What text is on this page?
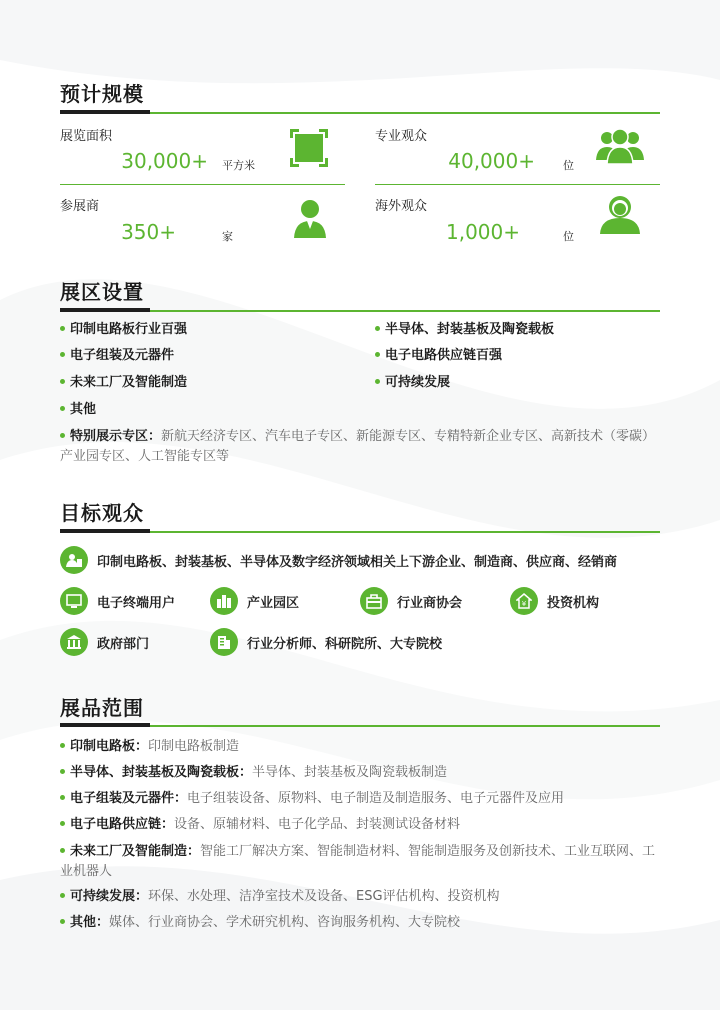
预计规模
展览面积
30,000+ 平方米
专业观众
40,000+	位
参展商
350+	家
海外观众
1,000+	位
展区设置
印制电路板行业百强	半导体、封装基板及陶瓷载板
电子组装及元器件	电子电路供应链百强
未来工厂及智能制造	可持续发展
其他
特别展示专区：新航天经济专区、汽车电子专区、新能源专区、专精特新企业专区、高新技术（零碳）产业园专区、人工智能专区等
目标观众
印制电路板、封装基板、半导体及数字经济领域相关上下游企业、制造商、供应商、经销商
电子终端用户	产业园区	行业商协会	¥ 投资机构
政府部门	行业分析师、科研院所、大专院校
展品范围
印制电路板：印制电路板制造
半导体、封装基板及陶瓷载板：半导体、封装基板及陶瓷载板制造
电子组装及元器件：电子组装设备、原物料、电子制造及制造服务、电子元器件及应用
电子电路供应链：设备、原辅材料、电子化学品、封装测试设备材料
未来工厂及智能制造：智能工厂解决方案、智能制造材料、智能制造服务及创新技术、工业互联网、工业机器人
可持续发展：环保、水处理、洁净室技术及设备、ESG评估机构、投资机构
其他：媒体、行业商协会、学术研究机构、咨询服务机构、大专院校
